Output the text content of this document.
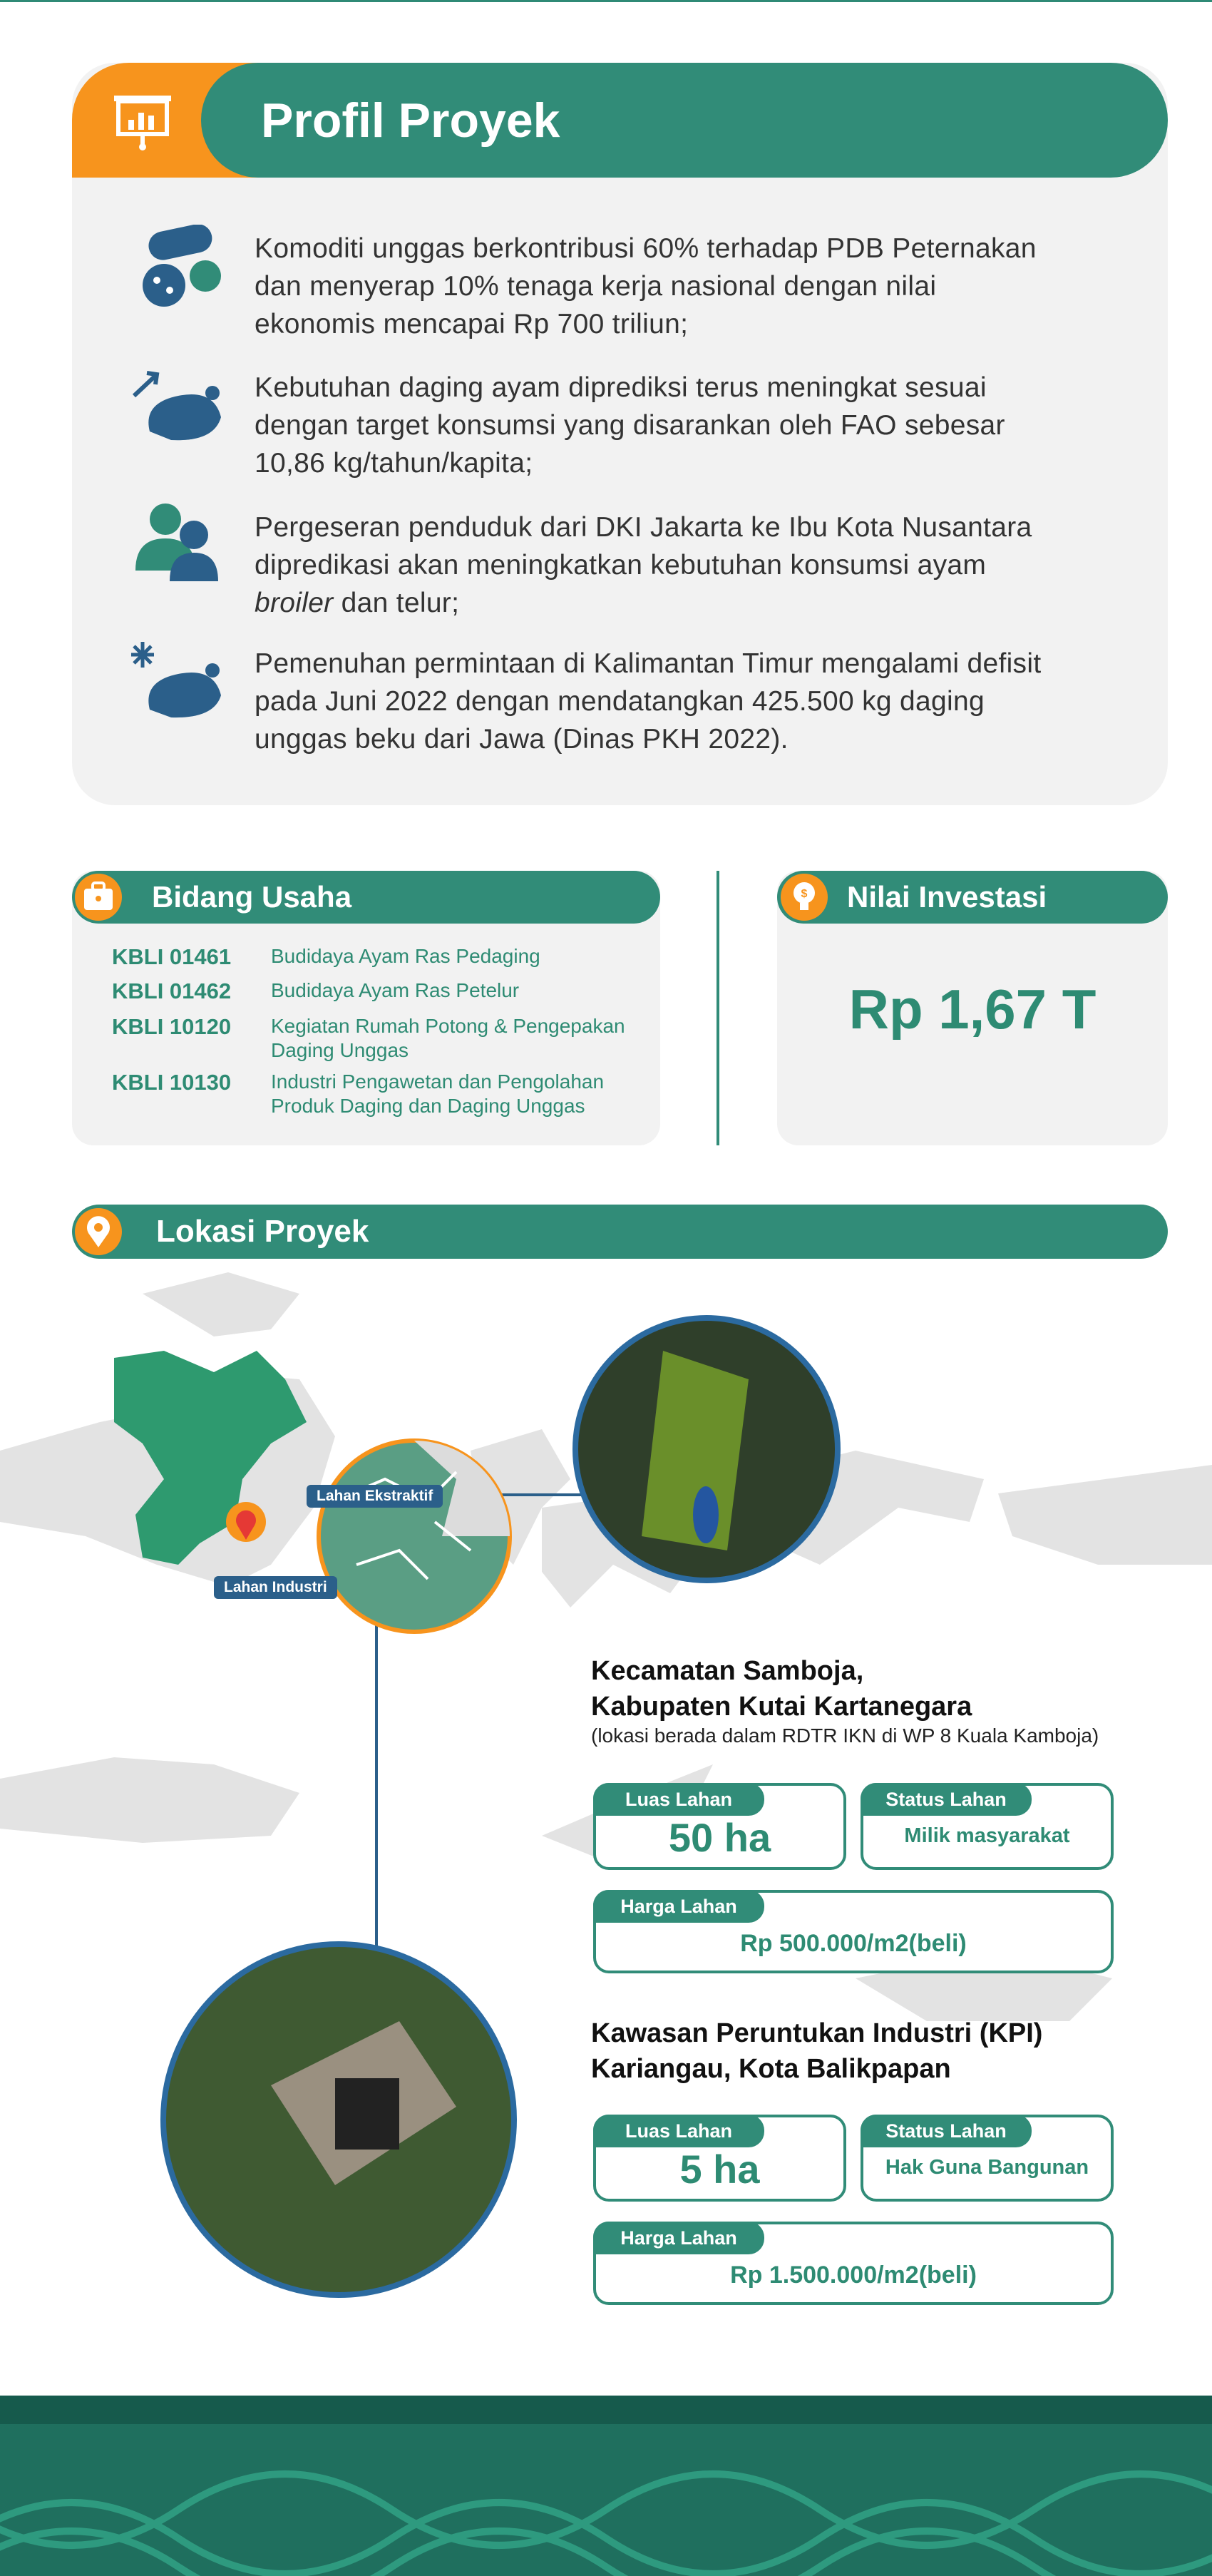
Profil Proyek
Komoditi unggas berkontribusi 60% terhadap PDB Peternakan
dan menyerap 10% tenaga kerja nasional dengan nilai
ekonomis mencapai Rp 700 triliun;
Kebutuhan daging ayam diprediksi terus meningkat sesuai
dengan target konsumsi yang disarankan oleh FAO sebesar
10,86 kg/tahun/kapita;
Pergeseran penduduk dari DKI Jakarta ke Ibu Kota Nusantara
dipredikasi akan meningkatkan kebutuhan konsumsi ayam
broiler dan telur;
Pemenuhan permintaan di Kalimantan Timur mengalami defisit
pada Juni 2022 dengan mendatangkan 425.500 kg daging
unggas beku dari Jawa (Dinas PKH 2022).
Bidang Usaha
KBLI 01461 Budidaya Ayam Ras Pedaging
KBLI 01462 Budidaya Ayam Ras Petelur
KBLI 10120 Kegiatan Rumah Potong & Pengepakan Daging Unggas
KBLI 10130 Industri Pengawetan dan Pengolahan Produk Daging dan Daging Unggas
Nilai Investasi
$
Rp 1,67 T
Lokasi Proyek
Lahan Ekstraktif
Lahan Industri
Kecamatan Samboja,
Kabupaten Kutai Kartanegara
(lokasi berada dalam RDTR IKN di WP 8 Kuala Kamboja)
Luas Lahan
50 ha
Status Lahan
Milik masyarakat
Harga Lahan
Rp 500.000/m2(beli)
Kawasan Peruntukan Industri (KPI)
Kariangau, Kota Balikpapan
Luas Lahan
5 ha
Status Lahan
Hak Guna Bangunan
Harga Lahan
Rp 1.500.000/m2(beli)
